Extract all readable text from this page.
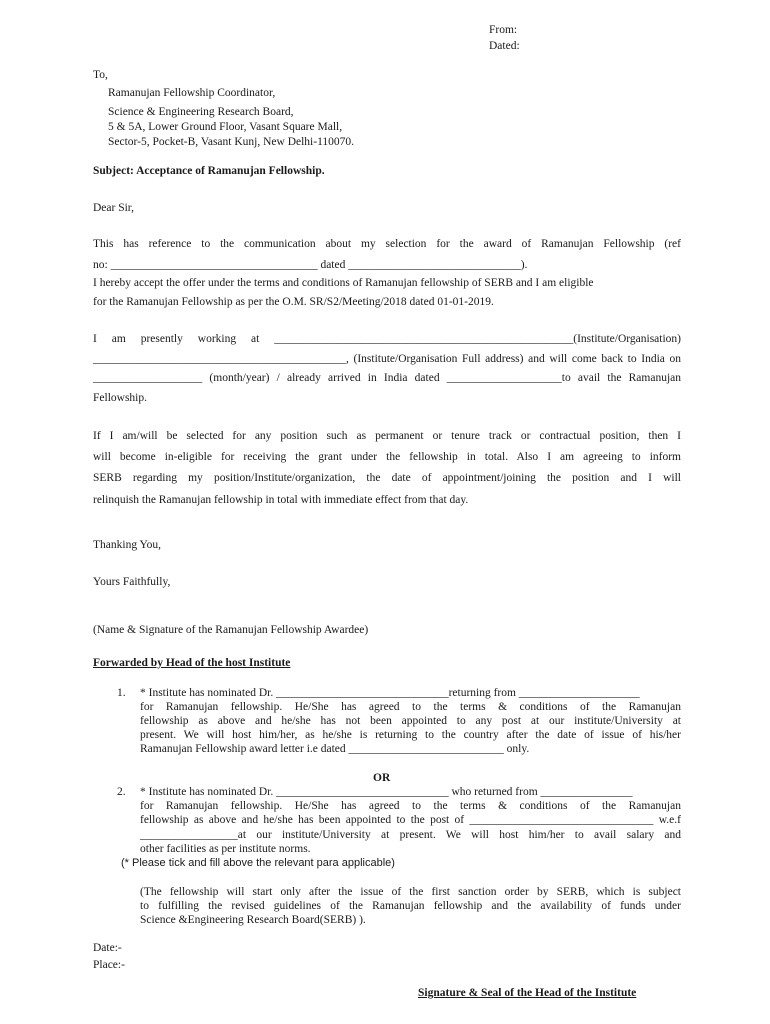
From:
Dated:
To,
Ramanujan Fellowship Coordinator,
Science & Engineering Research Board,
5 & 5A, Lower Ground Floor, Vasant Square Mall,
Sector-5, Pocket-B, Vasant Kunj, New Delhi-110070.
Subject: Acceptance of Ramanujan Fellowship.
Dear Sir,
This has reference to the communication about my selection for the award of Ramanujan Fellowship (ref
no: ____________________________________ dated ______________________________).
I hereby accept the offer under the terms and conditions of Ramanujan fellowship of SERB and I am eligible
for the Ramanujan Fellowship as per the O.M. SR/S2/Meeting/2018 dated 01-01-2019.
I am presently working at ____________________________________________________(Institute/Organisation)
____________________________________________, (Institute/Organisation Full address) and will come back to India on
___________________ (month/year) / already arrived in India dated ____________________to avail the Ramanujan
Fellowship.
If I am/will be selected for any position such as permanent or tenure track or contractual position, then I
will become in-eligible for receiving the grant under the fellowship in total. Also I am agreeing to inform
SERB regarding my position/Institute/organization, the date of appointment/joining the position and I will
relinquish the Ramanujan fellowship in total with immediate effect from that day.
Thanking You,
Yours Faithfully,
(Name & Signature of the Ramanujan Fellowship Awardee)
Forwarded by Head of the host Institute
1. * Institute has nominated Dr. ______________________________returning from _____________________
for Ramanujan fellowship. He/She has agreed to the terms & conditions of the Ramanujan
fellowship as above and he/she has not been appointed to any post at our institute/University at
present. We will host him/her, as he/she is returning to the country after the date of issue of his/her
Ramanujan Fellowship award letter i.e dated ___________________________ only.
OR
2. * Institute has nominated Dr. ______________________________ who returned from ________________
for Ramanujan fellowship. He/She has agreed to the terms & conditions of the Ramanujan
fellowship as above and he/she has been appointed to the post of ________________________________ w.e.f
_________________at our institute/University at present. We will host him/her to avail salary and
other facilities as per institute norms.
(* Please tick and fill above the relevant para applicable)
(The fellowship will start only after the issue of the first sanction order by SERB, which is subject
to fulfilling the revised guidelines of the Ramanujan fellowship and the availability of funds under
Science &Engineering Research Board(SERB) ).
Date:-
Place:-
Signature & Seal of the Head of the Institute
